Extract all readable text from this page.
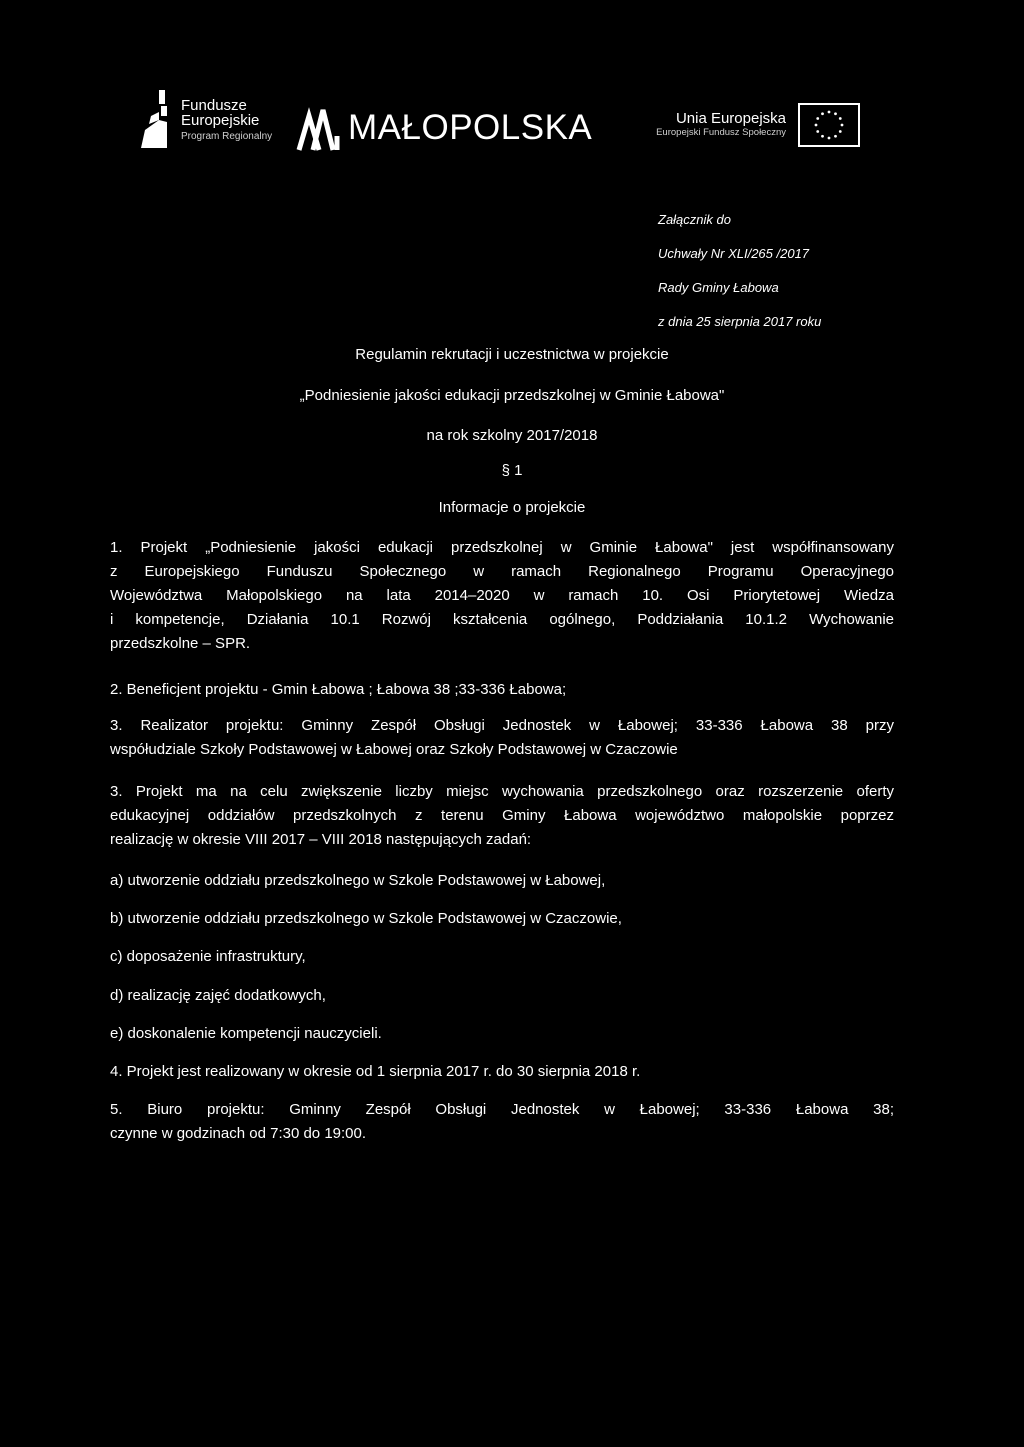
Fundusze
Europejskie
Program Regionalny MAŁOPOLSKA	Unia Europejska
Europejski Fundusz Społeczny
Załącznik do
Uchwały Nr XLI/265 /2017
Rady Gminy Łabowa
z dnia 25 sierpnia 2017 roku
Regulamin rekrutacji i uczestnictwa w projekcie
„Podniesienie jakości edukacji przedszkolnej w Gminie Łabowa"
na rok szkolny 2017/2018
§ 1
Informacje o projekcie
1. Projekt „Podniesienie jakości edukacji przedszkolnej w Gminie Łabowa" jest współfinansowany
z Europejskiego Funduszu Społecznego w ramach Regionalnego Programu Operacyjnego
Województwa Małopolskiego na lata 2014–2020 w ramach 10. Osi Priorytetowej Wiedza
i kompetencje, Działania 10.1 Rozwój kształcenia ogólnego, Poddziałania 10.1.2 Wychowanie
przedszkolne – SPR.
2. Beneficjent projektu - Gmin Łabowa ; Łabowa 38 ;33-336 Łabowa;
3. Realizator projektu: Gminny Zespół Obsługi Jednostek w Łabowej; 33-336 Łabowa 38 przy
współudziale Szkoły Podstawowej w Łabowej oraz Szkoły Podstawowej w Czaczowie
3. Projekt ma na celu zwiększenie liczby miejsc wychowania przedszkolnego oraz rozszerzenie oferty
edukacyjnej oddziałów przedszkolnych z terenu Gminy Łabowa województwo małopolskie poprzez
realizację w okresie VIII 2017 – VIII 2018 następujących zadań:
a) utworzenie oddziału przedszkolnego w Szkole Podstawowej w Łabowej,
b) utworzenie oddziału przedszkolnego w Szkole Podstawowej w Czaczowie,
c) doposażenie infrastruktury,
d) realizację zajęć dodatkowych,
e) doskonalenie kompetencji nauczycieli.
4. Projekt jest realizowany w okresie od 1 sierpnia 2017 r. do 30 sierpnia 2018 r.
5. Biuro projektu: Gminny Zespół Obsługi Jednostek w Łabowej; 33-336 Łabowa 38;
czynne w godzinach od 7:30 do 19:00.
